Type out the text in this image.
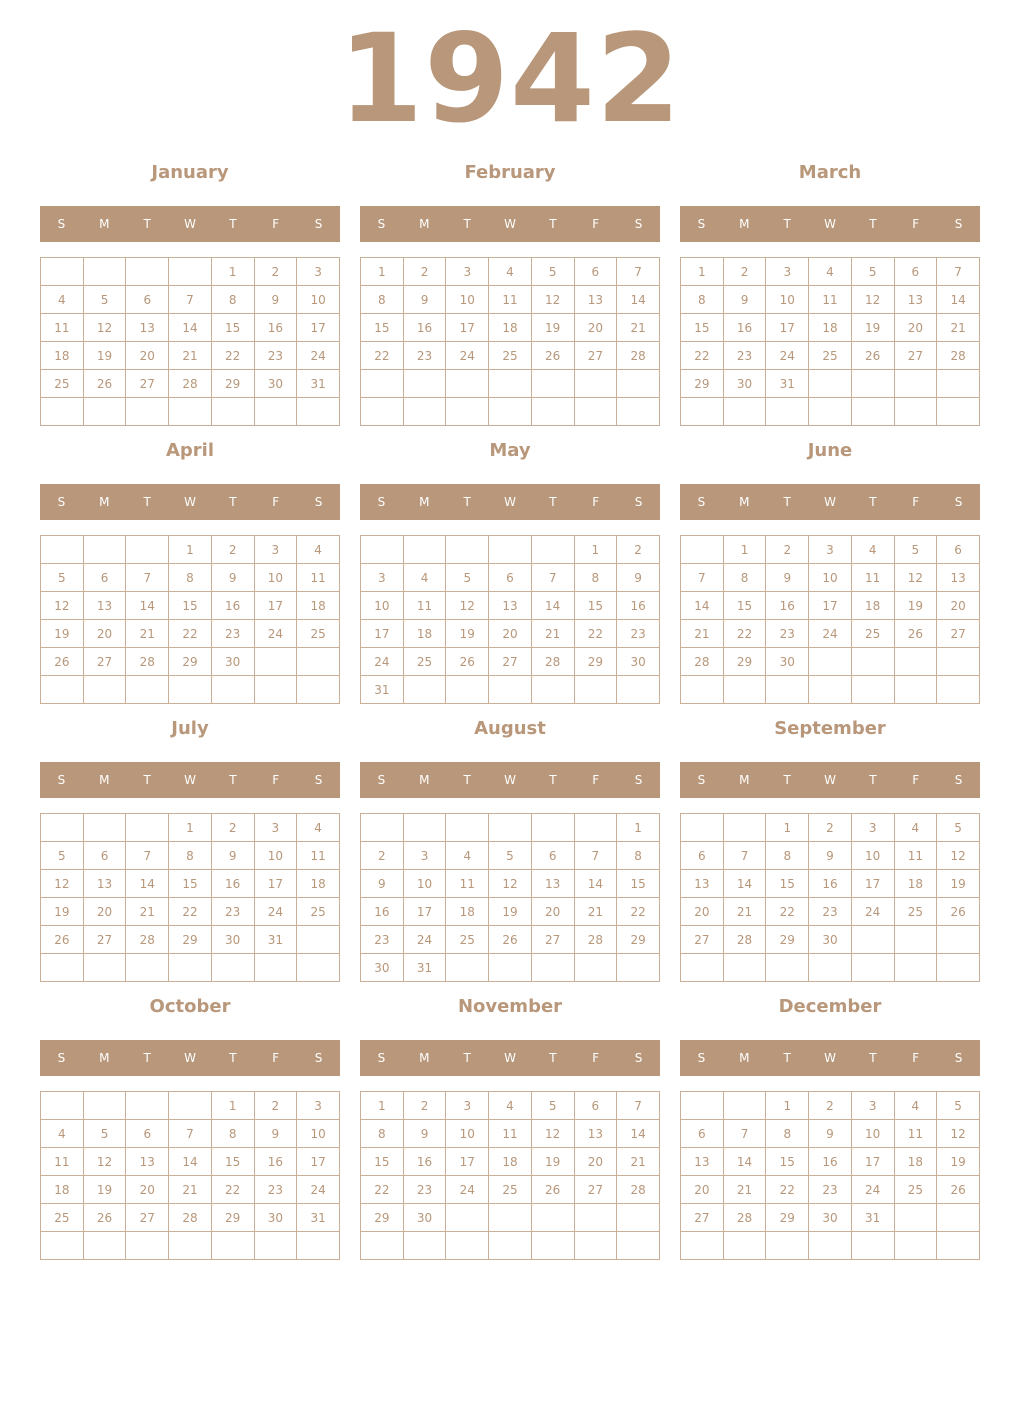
1942
January
S	M	T	W	T	F	S
				1	2	3
4	5	6	7	8	9	10
11	12	13	14	15	16	17
18	19	20	21	22	23	24
25	26	27	28	29	30	31

February
S	M	T	W	T	F	S
1	2	3	4	5	6	7
8	9	10	11	12	13	14
15	16	17	18	19	20	21
22	23	24	25	26	27	28

March
S	M	T	W	T	F	S
1	2	3	4	5	6	7
8	9	10	11	12	13	14
15	16	17	18	19	20	21
22	23	24	25	26	27	28
29	30	31				

April
S	M	T	W	T	F	S
			1	2	3	4
5	6	7	8	9	10	11
12	13	14	15	16	17	18
19	20	21	22	23	24	25
26	27	28	29	30		

May
S	M	T	W	T	F	S
					1	2
3	4	5	6	7	8	9
10	11	12	13	14	15	16
17	18	19	20	21	22	23
24	25	26	27	28	29	30
31						
June
S	M	T	W	T	F	S
	1	2	3	4	5	6
7	8	9	10	11	12	13
14	15	16	17	18	19	20
21	22	23	24	25	26	27
28	29	30				

July
S	M	T	W	T	F	S
			1	2	3	4
5	6	7	8	9	10	11
12	13	14	15	16	17	18
19	20	21	22	23	24	25
26	27	28	29	30	31	

August
S	M	T	W	T	F	S
						1
2	3	4	5	6	7	8
9	10	11	12	13	14	15
16	17	18	19	20	21	22
23	24	25	26	27	28	29
30	31					
September
S	M	T	W	T	F	S
		1	2	3	4	5
6	7	8	9	10	11	12
13	14	15	16	17	18	19
20	21	22	23	24	25	26
27	28	29	30			

October
S	M	T	W	T	F	S
				1	2	3
4	5	6	7	8	9	10
11	12	13	14	15	16	17
18	19	20	21	22	23	24
25	26	27	28	29	30	31

November
S	M	T	W	T	F	S
1	2	3	4	5	6	7
8	9	10	11	12	13	14
15	16	17	18	19	20	21
22	23	24	25	26	27	28
29	30					

December
S	M	T	W	T	F	S
		1	2	3	4	5
6	7	8	9	10	11	12
13	14	15	16	17	18	19
20	21	22	23	24	25	26
27	28	29	30	31		
